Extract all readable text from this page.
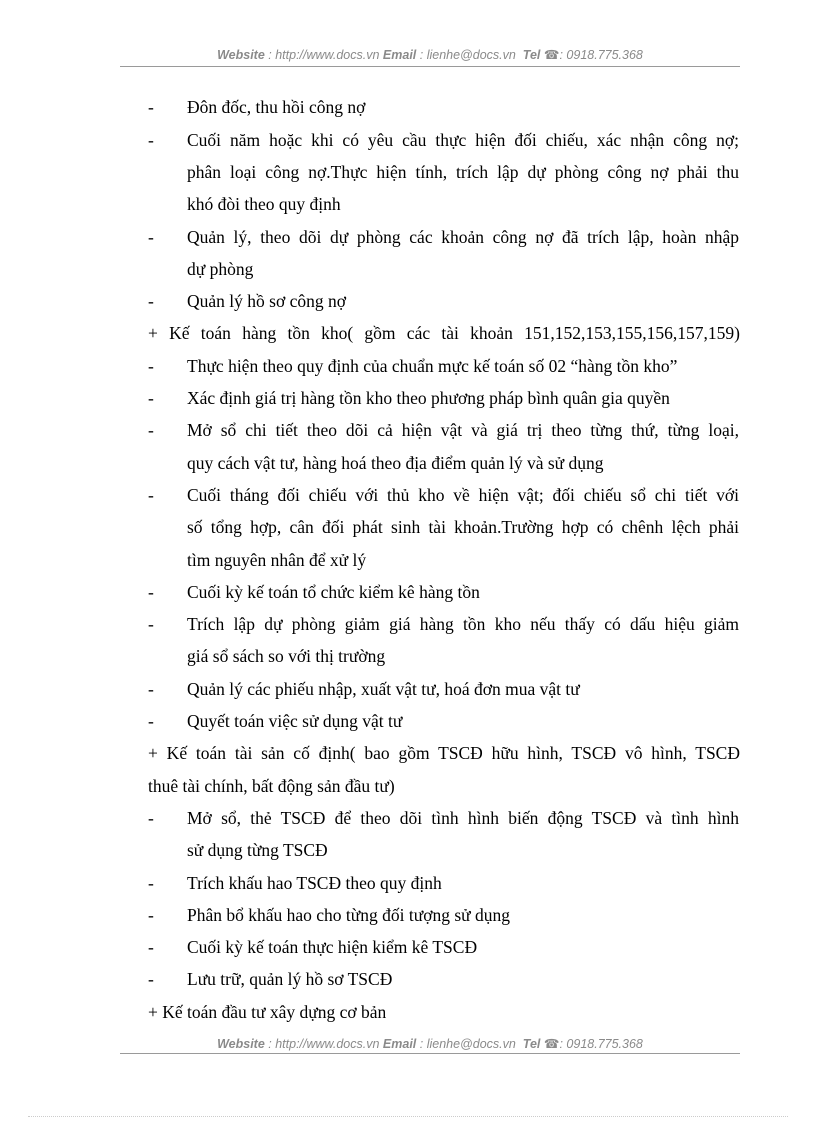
Website : http://www.docs.vn Email : lienhe@docs.vn Tel ☎: 0918.775.368
- Đôn đốc, thu hồi công nợ
- Cuối năm hoặc khi có yêu cầu thực hiện đối chiếu, xác nhận công nợ;
phân loại công nợ.Thực hiện tính, trích lập dự phòng công nợ phải thu
khó đòi theo quy định
- Quản lý, theo dõi dự phòng các khoản công nợ đã trích lập, hoàn nhập
dự phòng
- Quản lý hồ sơ công nợ
+ Kế toán hàng tồn kho( gồm các tài khoản 151,152,153,155,156,157,159)
- Thực hiện theo quy định của chuẩn mực kế toán số 02 “hàng tồn kho”
- Xác định giá trị hàng tồn kho theo phương pháp bình quân gia quyền
- Mở sổ chi tiết theo dõi cả hiện vật và giá trị theo từng thứ, từng loại,
quy cách vật tư, hàng hoá theo địa điểm quản lý và sử dụng
- Cuối tháng đối chiếu với thủ kho về hiện vật; đối chiếu sổ chi tiết với
số tổng hợp, cân đối phát sinh tài khoản.Trường hợp có chênh lệch phải
tìm nguyên nhân để xử lý
- Cuối kỳ kế toán tổ chức kiểm kê hàng tồn
- Trích lập dự phòng giảm giá hàng tồn kho nếu thấy có dấu hiệu giảm
giá sổ sách so với thị trường
- Quản lý các phiếu nhập, xuất vật tư, hoá đơn mua vật tư
- Quyết toán việc sử dụng vật tư
+ Kế toán tài sản cố định( bao gồm TSCĐ hữu hình, TSCĐ vô hình, TSCĐ
thuê tài chính, bất động sản đầu tư)
- Mở sổ, thẻ TSCĐ để theo dõi tình hình biến động TSCĐ và tình hình
sử dụng từng TSCĐ
- Trích khấu hao TSCĐ theo quy định
- Phân bổ khấu hao cho từng đối tượng sử dụng
- Cuối kỳ kế toán thực hiện kiểm kê TSCĐ
- Lưu trữ, quản lý hồ sơ TSCĐ
+ Kế toán đầu tư xây dựng cơ bản
Website : http://www.docs.vn Email : lienhe@docs.vn Tel ☎: 0918.775.368
